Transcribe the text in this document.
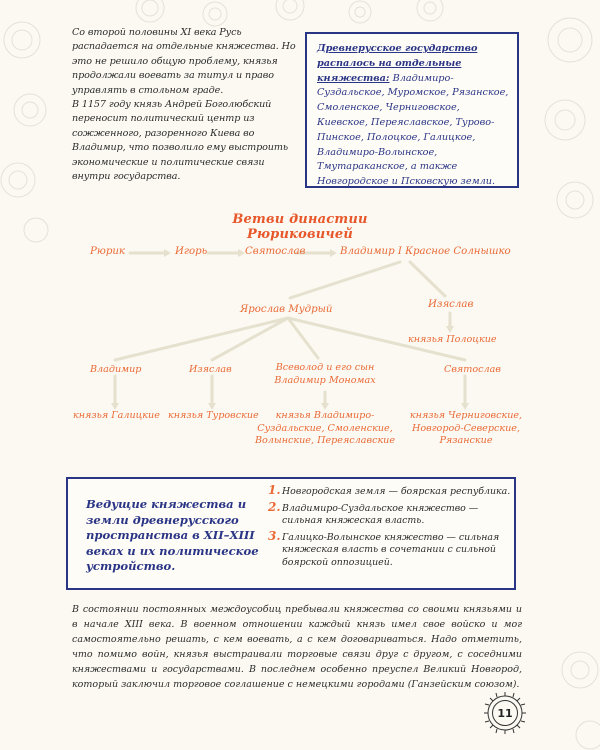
Со второй половины XI века Русь распадается на отдельные княжества. Но это не решило общую проблему, князья продолжали воевать за титул и право управлять в стольном граде.

В 1157 году князь Андрей Боголюбский переносит политический центр из сожженного, разоренного Киева во Владимир, что позволило ему выстроить экономические и политические связи внутри государства.

Древнерусское государство распалось на отдельные княжества: Владимиро-Суздальское, Муромское, Рязанское, Смоленское, Черниговское, Киевское, Переяславское, Турово-Пинское, Полоцкое, Галицкое, Владимиро-Волынское, Тмутараканское, а также Новгородское и Псковскую земли.
Ветви династии Рюриковичей
Рюрик	Игорь	Святослав	Владимир I Красное Солнышко
Ярослав Мудрый	Изяслав
князья Полоцкие
Владимир	Изяслав	Всеволод и его сын
Владимир Мономах
Святослав
князья Галицкие князья Туровские	князья Владимиро-
Суздальские, Смоленские,
Волынские, Переяславские
князья Черниговские,
Новгород-Северские,
Рязанские
Ведущие княжества и земли древнерусского пространства в XII–XIII веках и их политическое устройство.
1. Новгородская земля — боярская республика.
2. Владимиро-Суздальское княжество — сильная княжеская власть.
3. Галицко-Волынское княжество — сильная княжеская власть в сочетании с сильной боярской оппозицией.

В состоянии постоянных междоусобиц пребывали княжества со своими князьями и в начале XIII века. В военном отношении каждый князь имел свое войско и мог самостоятельно решать, с кем воевать, а с кем договариваться. Надо отметить, что помимо войн, князья выстраивали торговые связи друг с другом, с соседними княжествами и государствами. В последнем особенно преуспел Великий Новгород, который заключил торговое соглашение с немецкими городами (Ганзейским союзом).

11
